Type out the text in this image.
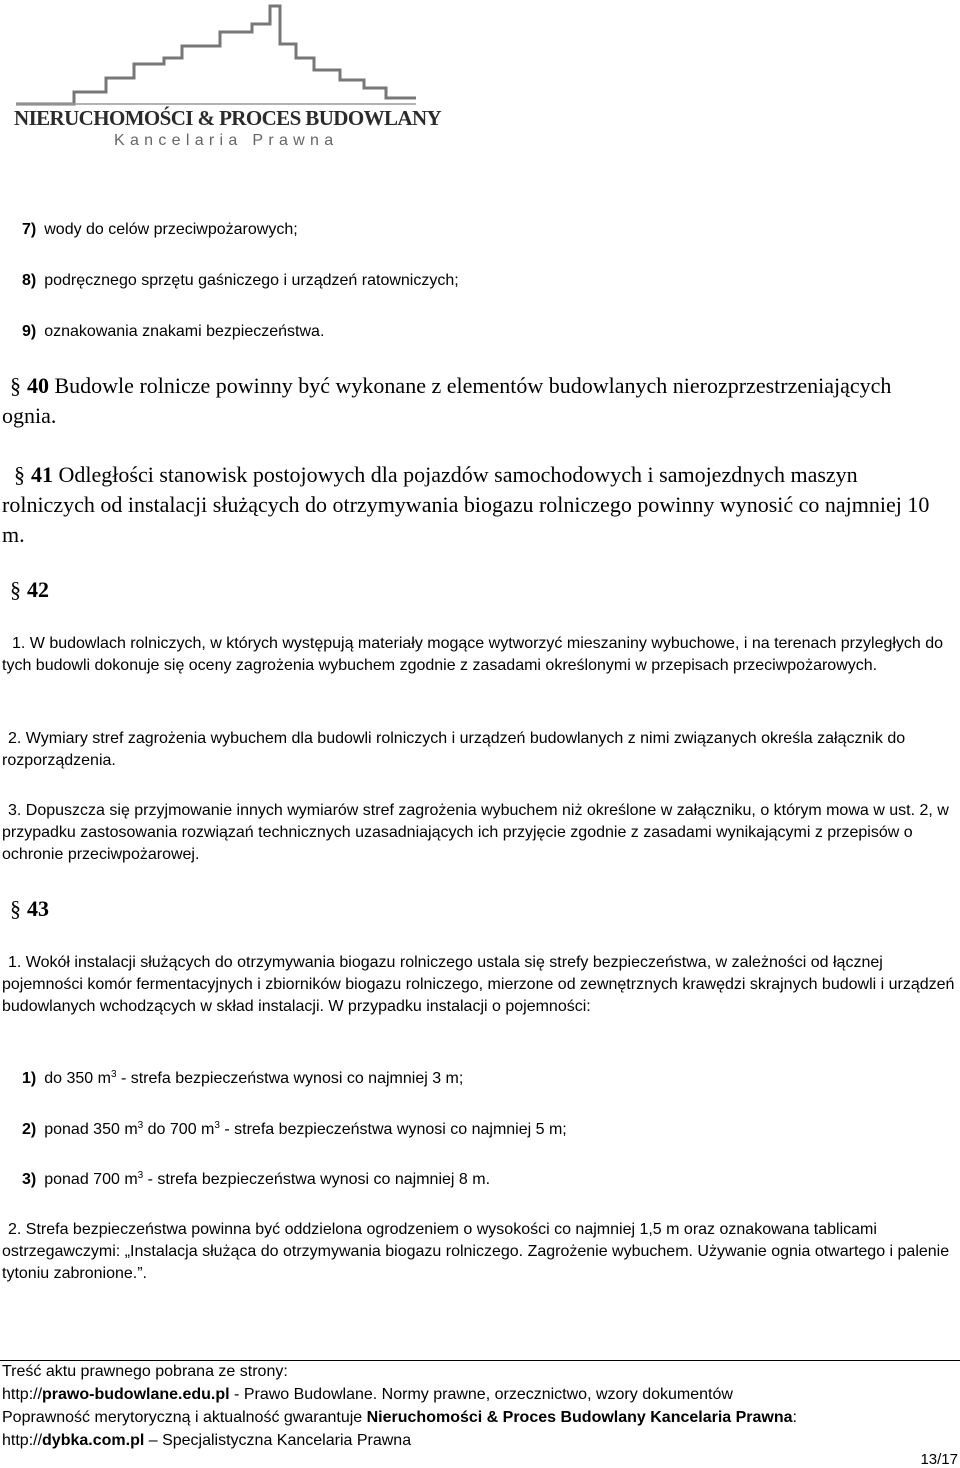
NIERUCHOMOŚCI & PROCES BUDOWLANY
Kancelaria Prawna
7) wody do celów przeciwpożarowych;
8) podręcznego sprzętu gaśniczego i urządzeń ratowniczych;
9) oznakowania znakami bezpieczeństwa.
§ 40 Budowle rolnicze powinny być wykonane z elementów budowlanych nierozprzestrzeniających ognia.
§ 41 Odległości stanowisk postojowych dla pojazdów samochodowych i samojezdnych maszyn rolniczych od instalacji służących do otrzymywania biogazu rolniczego powinny wynosić co najmniej 10 m.
§ 42
1. W budowlach rolniczych, w których występują materiały mogące wytworzyć mieszaniny wybuchowe, i na terenach przyległych do tych budowli dokonuje się oceny zagrożenia wybuchem zgodnie z zasadami określonymi w przepisach przeciwpożarowych.
2. Wymiary stref zagrożenia wybuchem dla budowli rolniczych i urządzeń budowlanych z nimi związanych określa załącznik do rozporządzenia.
3. Dopuszcza się przyjmowanie innych wymiarów stref zagrożenia wybuchem niż określone w załączniku, o którym mowa w ust. 2, w przypadku zastosowania rozwiązań technicznych uzasadniających ich przyjęcie zgodnie z zasadami wynikającymi z przepisów o ochronie przeciwpożarowej.
§ 43
1. Wokół instalacji służących do otrzymywania biogazu rolniczego ustala się strefy bezpieczeństwa, w zależności od łącznej pojemności komór fermentacyjnych i zbiorników biogazu rolniczego, mierzone od zewnętrznych krawędzi skrajnych budowli i urządzeń budowlanych wchodzących w skład instalacji. W przypadku instalacji o pojemności:
1) do 350 $m^3$ - strefa bezpieczeństwa wynosi co najmniej 3 m;
2) ponad 350 $m^3$ do 700 $m^3$ - strefa bezpieczeństwa wynosi co najmniej 5 m;
3) ponad 700 $m^3$ - strefa bezpieczeństwa wynosi co najmniej 8 m.
2. Strefa bezpieczeństwa powinna być oddzielona ogrodzeniem o wysokości co najmniej 1,5 m oraz oznakowana tablicami ostrzegawczymi: „Instalacja służąca do otrzymywania biogazu rolniczego. Zagrożenie wybuchem. Używanie ognia otwartego i palenie tytoniu zabronione.”.
Treść aktu prawnego pobrana ze strony:
http://prawo-budowlane.edu.pl - Prawo Budowlane. Normy prawne, orzecznictwo, wzory dokumentów
Poprawność merytoryczną i aktualność gwarantuje Nieruchomości & Proces Budowlany Kancelaria Prawna:
http://dybka.com.pl – Specjalistyczna Kancelaria Prawna
13/17
